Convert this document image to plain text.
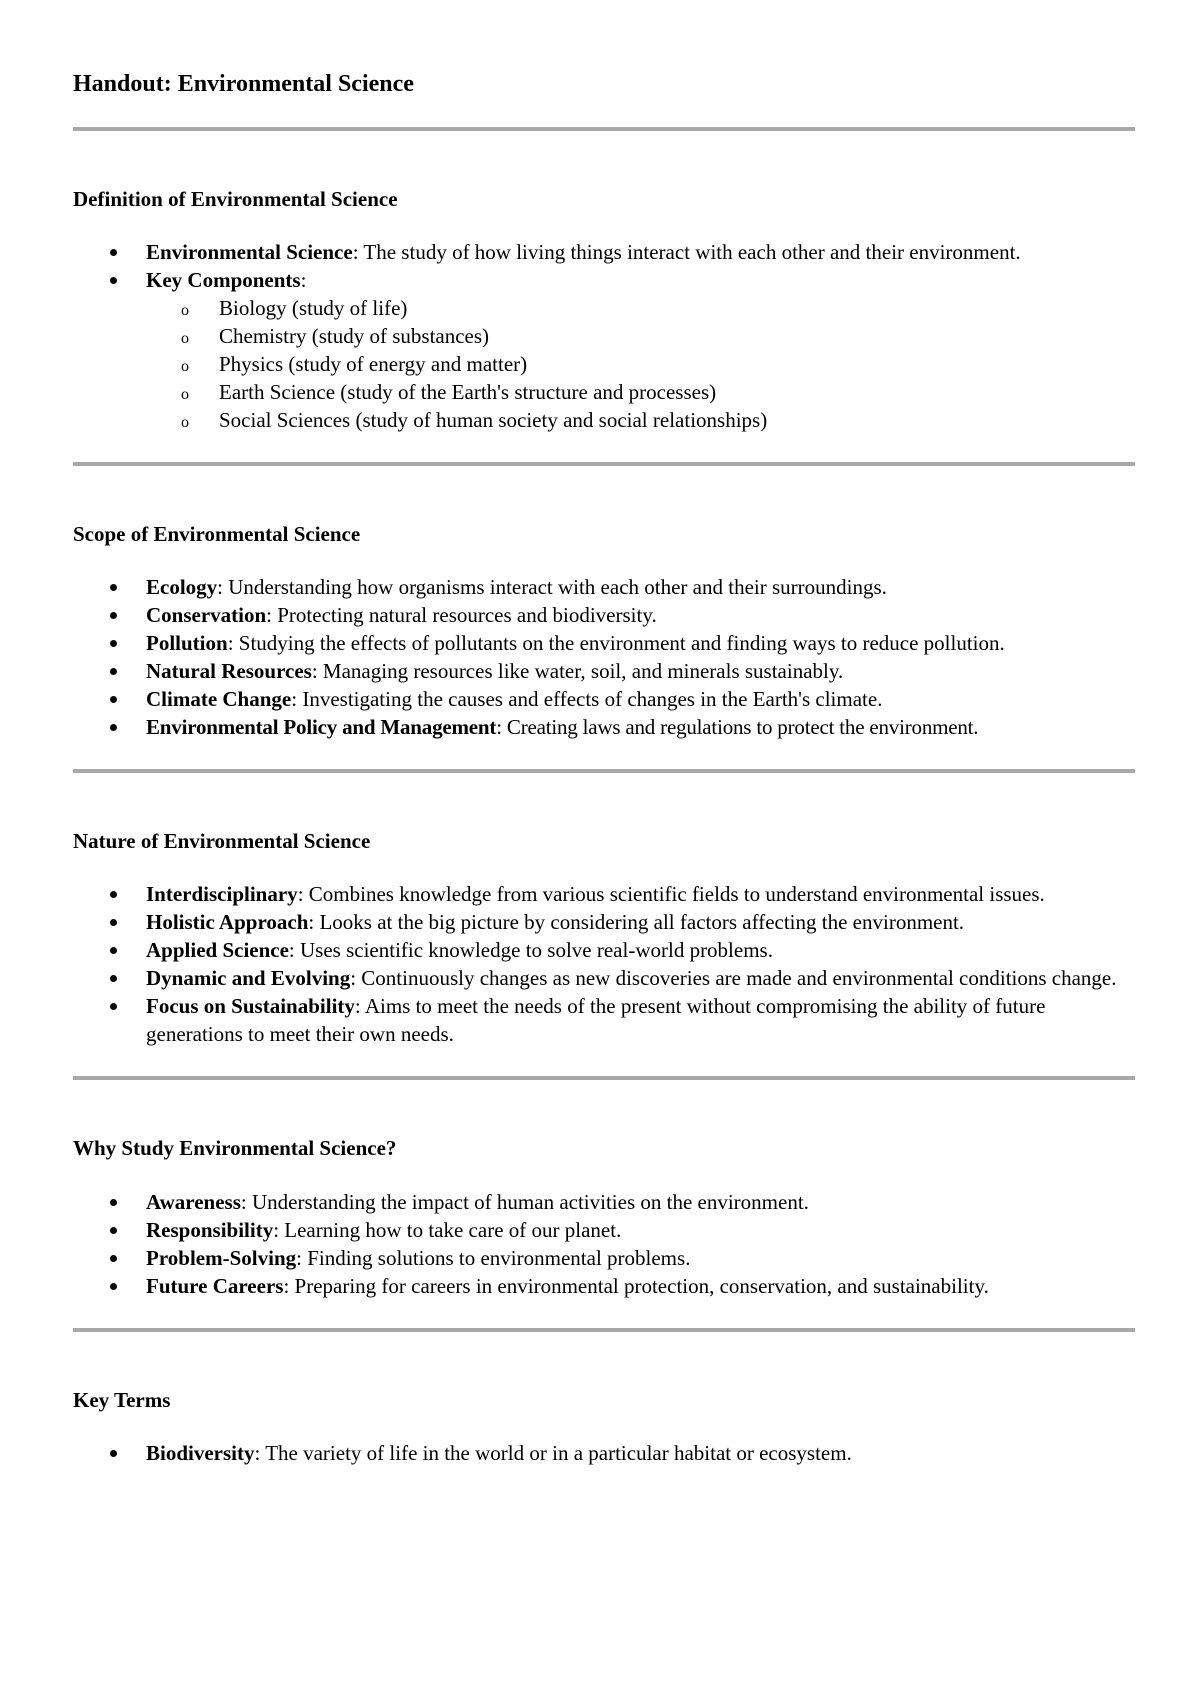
Handout: Environmental Science
Definition of Environmental Science
Environmental Science: The study of how living things interact with each other and their environment.
Key Components:
o Biology (study of life)
o Chemistry (study of substances)
o Physics (study of energy and matter)
o Earth Science (study of the Earth's structure and processes)
o Social Sciences (study of human society and social relationships)
Scope of Environmental Science
Ecology: Understanding how organisms interact with each other and their surroundings.
Conservation: Protecting natural resources and biodiversity.
Pollution: Studying the effects of pollutants on the environment and finding ways to reduce pollution.
Natural Resources: Managing resources like water, soil, and minerals sustainably.
Climate Change: Investigating the causes and effects of changes in the Earth's climate.
Environmental Policy and Management: Creating laws and regulations to protect the environment.
Nature of Environmental Science
Interdisciplinary: Combines knowledge from various scientific fields to understand environmental issues.
Holistic Approach: Looks at the big picture by considering all factors affecting the environment.
Applied Science: Uses scientific knowledge to solve real-world problems.
Dynamic and Evolving: Continuously changes as new discoveries are made and environmental conditions change.
Focus on Sustainability: Aims to meet the needs of the present without compromising the ability of future generations to meet their own needs.
Why Study Environmental Science?
Awareness: Understanding the impact of human activities on the environment.
Responsibility: Learning how to take care of our planet.
Problem-Solving: Finding solutions to environmental problems.
Future Careers: Preparing for careers in environmental protection, conservation, and sustainability.
Key Terms
Biodiversity: The variety of life in the world or in a particular habitat or ecosystem.
